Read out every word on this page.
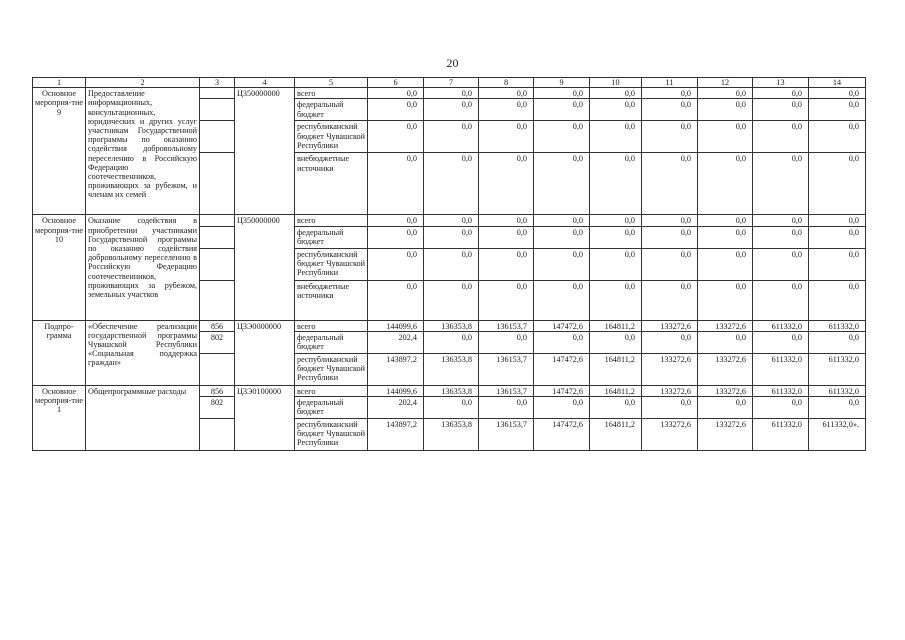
20
1	2	3	4	5	6	7	8	9	10	11	12	13	14
Основное мероприя-тие 9	Предоставление информационных, консультационных, юридических и других услуг участникам Государственной программы по оказанию содействия добровольному переселению в Российскую Федерацию соотечественников, проживающих за рубежом, и членам их семей		Ц350000000	всего	0,0	0,0	0,0	0,0	0,0	0,0	0,0	0,0	0,0
				федеральный бюджет	0,0	0,0	0,0	0,0	0,0	0,0	0,0	0,0	0,0
				республиканский бюджет Чувашской Республики	0,0	0,0	0,0	0,0	0,0	0,0	0,0	0,0	0,0
				внебюджетные источники	0,0	0,0	0,0	0,0	0,0	0,0	0,0	0,0	0,0
Основное мероприя-тие 10	Оказание содействия в приобретении участниками Государственной программы по оказанию содействия добровольному переселению в Российскую Федерацию соотечественников, проживающих за рубежом, земельных участков		Ц350000000	всего	0,0	0,0	0,0	0,0	0,0	0,0	0,0	0,0	0,0
				федеральный бюджет	0,0	0,0	0,0	0,0	0,0	0,0	0,0	0,0	0,0
				республиканский бюджет Чувашской Республики	0,0	0,0	0,0	0,0	0,0	0,0	0,0	0,0	0,0
				внебюджетные источники	0,0	0,0	0,0	0,0	0,0	0,0	0,0	0,0	0,0
Подпро-грамма	«Обеспечение реализации государственной программы Чувашской Республики «Социальная поддержка граждан»	856	Ц3Э0000000	всего	144099,6	136353,8	136153,7	147472,6	164811,2	133272,6	133272,6	611332,0	611332,0
		802		федеральный бюджет	202,4	0,0	0,0	0,0	0,0	0,0	0,0	0,0	0,0
				республиканский бюджет Чувашской Республики	143897,2	136353,8	136153,7	147472,6	164811,2	133272,6	133272,6	611332,0	611332,0
Основное мероприя-тие 1	Общепрограммные расходы	856	Ц3Э0100000	всего	144099,6	136353,8	136153,7	147472,6	164811,2	133272,6	133272,6	611332,0	611332,0
		802		федеральный бюджет	202,4	0,0	0,0	0,0	0,0	0,0	0,0	0,0	0,0
				республиканский бюджет Чувашской Республики	143897,2	136353,8	136153,7	147472,6	164811,2	133272,6	133272,6	611332,0	611332,0».
